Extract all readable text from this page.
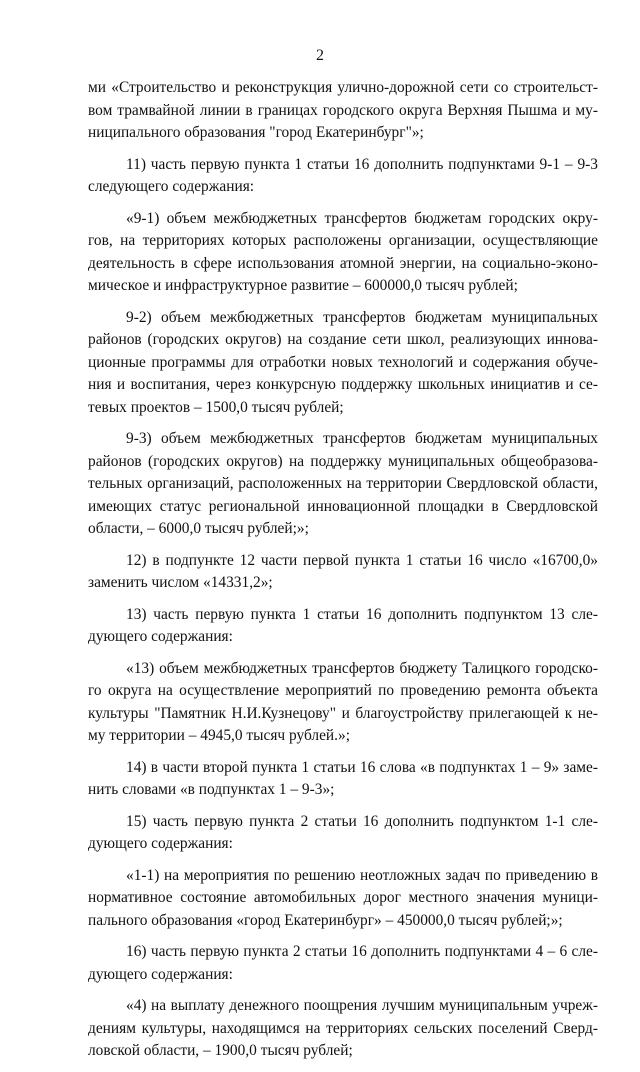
2

ми «Строительство и реконструкция улично-дорожной сети со строительст-
вом трамвайной линии в границах городского округа Верхняя Пышма и му-
ниципального образования "город Екатеринбург"»;

11) часть первую пункта 1 статьи 16 дополнить подпунктами 9-1 – 9-3
следующего содержания:

«9-1) объем межбюджетных трансфертов бюджетам городских окру-
гов, на территориях которых расположены организации, осуществляющие
деятельность в сфере использования атомной энергии, на социально-эконо-
мическое и инфраструктурное развитие – 600000,0 тысяч рублей;

9-2) объем межбюджетных трансфертов бюджетам муниципальных
районов (городских округов) на создание сети школ, реализующих иннова-
ционные программы для отработки новых технологий и содержания обуче-
ния и воспитания, через конкурсную поддержку школьных инициатив и се-
тевых проектов – 1500,0 тысяч рублей;

9-3) объем межбюджетных трансфертов бюджетам муниципальных
районов (городских округов) на поддержку муниципальных общеобразова-
тельных организаций, расположенных на территории Свердловской области,
имеющих статус региональной инновационной площадки в Свердловской
области, – 6000,0 тысяч рублей;»;

12) в подпункте 12 части первой пункта 1 статьи 16 число «16700,0»
заменить числом «14331,2»;

13) часть первую пункта 1 статьи 16 дополнить подпунктом 13 сле-
дующего содержания:

«13) объем межбюджетных трансфертов бюджету Талицкого городско-
го округа на осуществление мероприятий по проведению ремонта объекта
культуры "Памятник Н.И.Кузнецову" и благоустройству прилегающей к не-
му территории – 4945,0 тысяч рублей.»;

14) в части второй пункта 1 статьи 16 слова «в подпунктах 1 – 9» заме-
нить словами «в подпунктах 1 – 9-3»;

15) часть первую пункта 2 статьи 16 дополнить подпунктом 1-1 сле-
дующего содержания:

«1-1) на мероприятия по решению неотложных задач по приведению в
нормативное состояние автомобильных дорог местного значения муници-
пального образования «город Екатеринбург» – 450000,0 тысяч рублей;»;

16) часть первую пункта 2 статьи 16 дополнить подпунктами 4 – 6 сле-
дующего содержания:

«4) на выплату денежного поощрения лучшим муниципальным учреж-
дениям культуры, находящимся на территориях сельских поселений Сверд-
ловской области, – 1900,0 тысяч рублей;
